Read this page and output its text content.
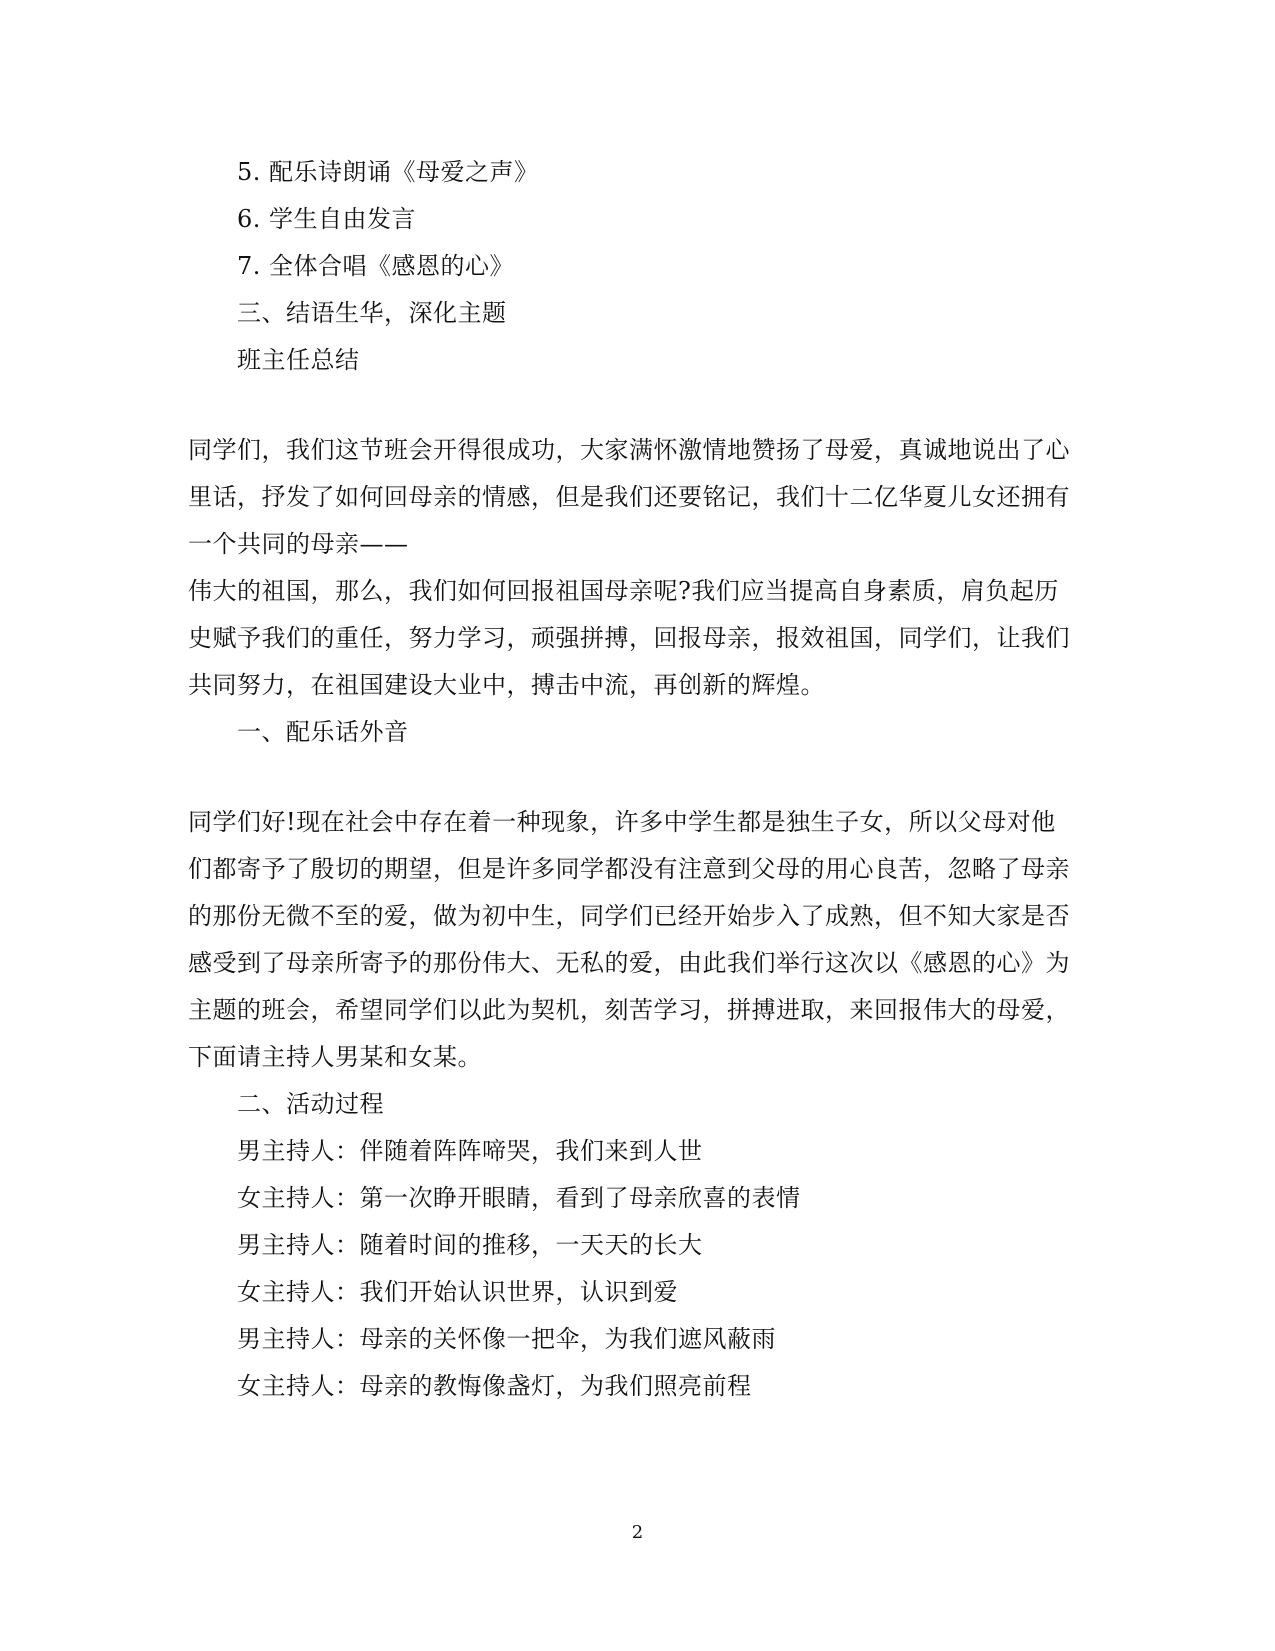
5. 配乐诗朗诵《母爱之声》
6. 学生自由发言
7. 全体合唱《感恩的心》
三、结语生华，深化主题
班主任总结
同学们，我们这节班会开得很成功，大家满怀激情地赞扬了母爱，真诚地说出了心
里话，抒发了如何回母亲的情感，但是我们还要铭记，我们十二亿华夏儿女还拥有
一个共同的母亲——
伟大的祖国，那么，我们如何回报祖国母亲呢?我们应当提高自身素质，肩负起历
史赋予我们的重任，努力学习，顽强拼搏，回报母亲，报效祖国，同学们，让我们
共同努力，在祖国建设大业中，搏击中流，再创新的辉煌。
一、配乐话外音
同学们好!现在社会中存在着一种现象，许多中学生都是独生子女，所以父母对他
们都寄予了殷切的期望，但是许多同学都没有注意到父母的用心良苦，忽略了母亲
的那份无微不至的爱，做为初中生，同学们已经开始步入了成熟，但不知大家是否
感受到了母亲所寄予的那份伟大、无私的爱，由此我们举行这次以《感恩的心》为
主题的班会，希望同学们以此为契机，刻苦学习，拼搏进取，来回报伟大的母爱，
下面请主持人男某和女某。
二、活动过程
男主持人：伴随着阵阵啼哭，我们来到人世
女主持人：第一次睁开眼睛，看到了母亲欣喜的表情
男主持人：随着时间的推移，一天天的长大
女主持人：我们开始认识世界，认识到爱
男主持人：母亲的关怀像一把伞，为我们遮风蔽雨
女主持人：母亲的教悔像盏灯，为我们照亮前程
2
